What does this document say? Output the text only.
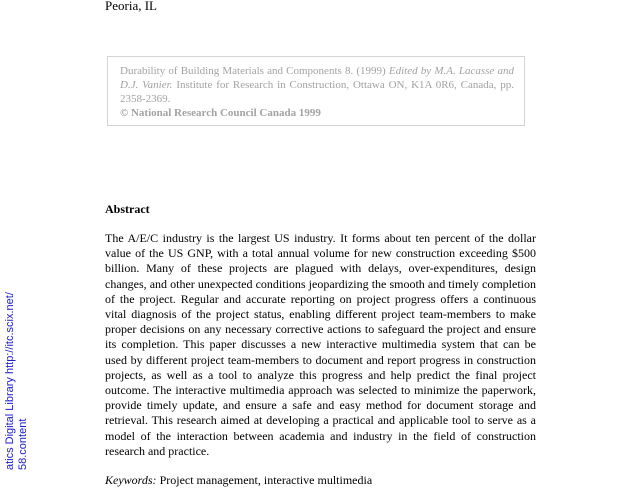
Peoria, IL
Durability of Building Materials and Components 8. (1999) Edited by M.A. Lacasse and D.J. Vanier. Institute for Research in Construction, Ottawa ON, K1A 0R6, Canada, pp. 2358-2369.
© National Research Council Canada 1999
Abstract

The A/E/C industry is the largest US industry. It forms about ten percent of the dollar value of the US GNP, with a total annual volume for new construction exceeding $500 billion. Many of these projects are plagued with delays, over-expenditures, design changes, and other unexpected conditions jeopardizing the smooth and timely completion of the project. Regular and accurate reporting on project progress offers a continuous vital diagnosis of the project status, enabling different project team-members to make proper decisions on any necessary corrective actions to safeguard the project and ensure its completion. This paper discusses a new interactive multimedia system that can be used by different project team-members to document and report progress in construction projects, as well as a tool to analyze this progress and help predict the final project outcome. The interactive multimedia approach was selected to minimize the paperwork, provide timely update, and ensure a safe and easy method for document storage and retrieval. This research aimed at developing a practical and applicable tool to serve as a model of the interaction between academia and industry in the field of construction research and practice.

Keywords: Project management, interactive multimedia
atics Digital Library http://itc.scix.net/ 58.content
